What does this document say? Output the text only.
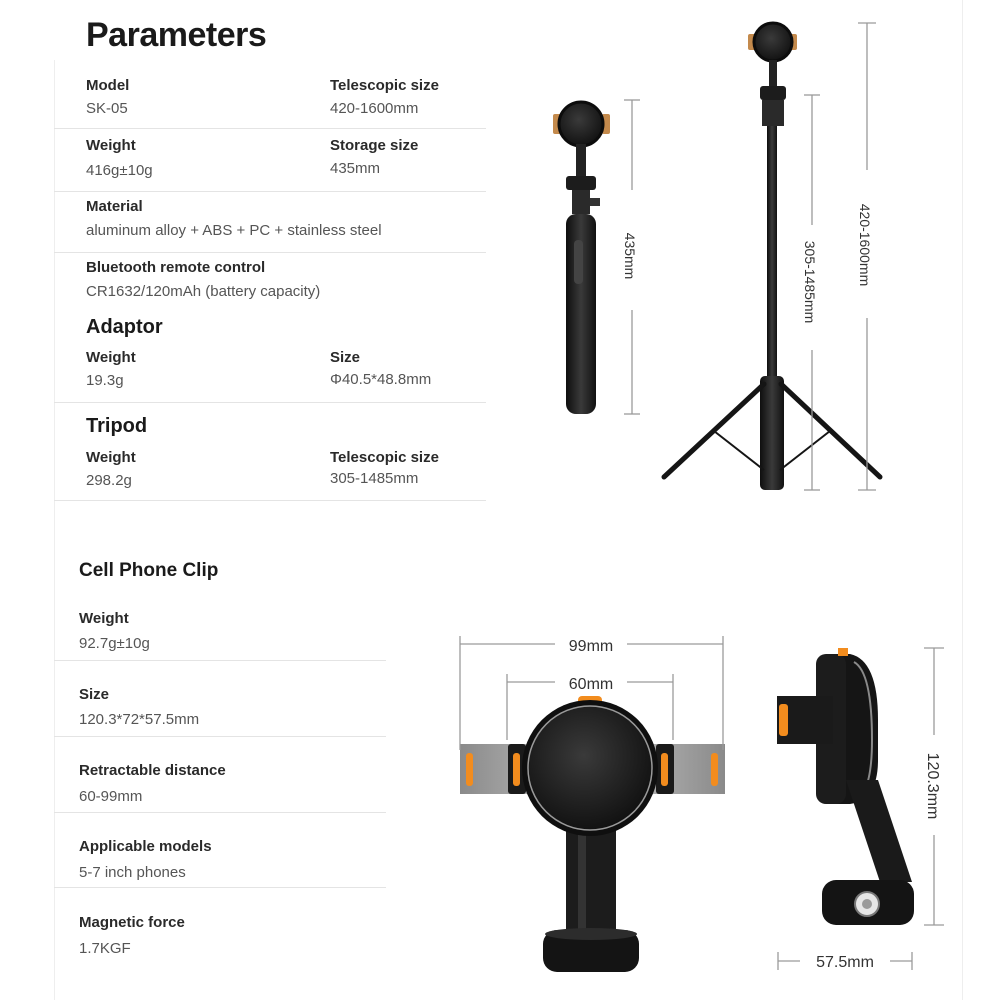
Parameters
Model
SK-05
Telescopic size
420-1600mm
Weight
416g±10g
Storage size
435mm
Material
aluminum alloy + ABS + PC + stainless steel
Bluetooth remote control
CR1632/120mAh (battery capacity)
Adaptor
Weight
19.3g
Size
Φ40.5*48.8mm
Tripod
Weight
298.2g
Telescopic size
305-1485mm
Cell Phone Clip
Weight
92.7g±10g
Size
120.3*72*57.5mm
Retractable distance
60-99mm
Applicable models
5-7 inch phones
Magnetic force
1.7KGF
435mm	305-1485mm	420-1600mm
99mm
60mm
120.3mm
57.5mm
